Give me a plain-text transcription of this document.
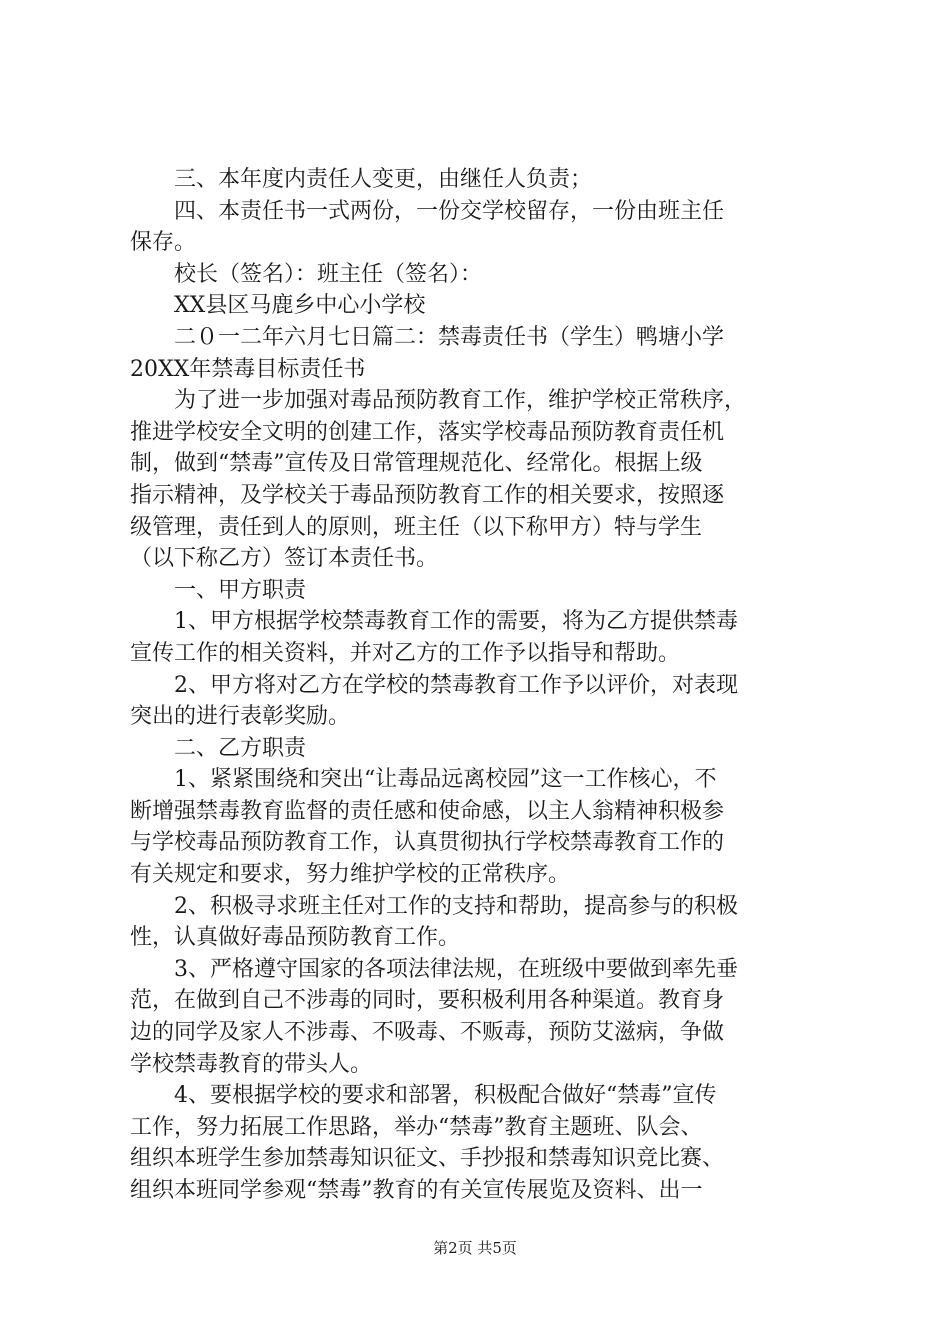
　　三、本年度内责任人变更，由继任人负责；
　　四、本责任书一式两份，一份交学校留存，一份由班主任
保存。
　　校长（签名）：班主任（签名）：
　　XX县区马鹿乡中心小学校
　　二０一二年六月七日篇二：禁毒责任书（学生）鸭塘小学
20XX年禁毒目标责任书
　　为了进一步加强对毒品预防教育工作，维护学校正常秩序，
推进学校安全文明的创建工作，落实学校毒品预防教育责任机
制，做到“禁毒”宣传及日常管理规范化、经常化。根据上级
指示精神，及学校关于毒品预防教育工作的相关要求，按照逐
级管理，责任到人的原则，班主任（以下称甲方）特与学生
（以下称乙方）签订本责任书。
　　一、甲方职责
　　1、甲方根据学校禁毒教育工作的需要，将为乙方提供禁毒
宣传工作的相关资料，并对乙方的工作予以指导和帮助。
　　2、甲方将对乙方在学校的禁毒教育工作予以评价，对表现
突出的进行表彰奖励。
　　二、乙方职责
　　1、紧紧围绕和突出“让毒品远离校园”这一工作核心，不
断增强禁毒教育监督的责任感和使命感，以主人翁精神积极参
与学校毒品预防教育工作，认真贯彻执行学校禁毒教育工作的
有关规定和要求，努力维护学校的正常秩序。
　　2、积极寻求班主任对工作的支持和帮助，提高参与的积极
性，认真做好毒品预防教育工作。
　　3、严格遵守国家的各项法律法规，在班级中要做到率先垂
范，在做到自己不涉毒的同时，要积极利用各种渠道。教育身
边的同学及家人不涉毒、不吸毒、不贩毒，预防艾滋病，争做
学校禁毒教育的带头人。
　　4、要根据学校的要求和部署，积极配合做好“禁毒”宣传
工作，努力拓展工作思路，举办“禁毒”教育主题班、队会、
组织本班学生参加禁毒知识征文、手抄报和禁毒知识竞比赛、
组织本班同学参观“禁毒”教育的有关宣传展览及资料、出一
第2页 共5页
